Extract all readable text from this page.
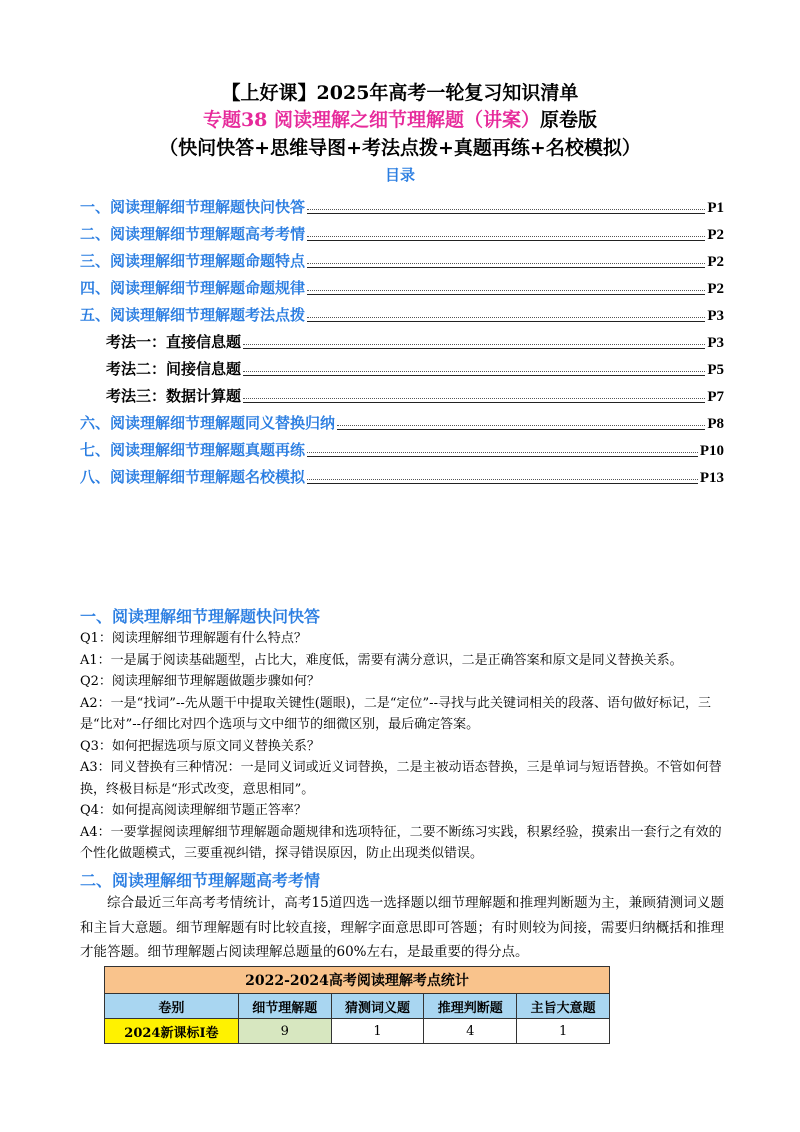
【上好课】2025年高考一轮复习知识清单
专题38 阅读理解之细节理解题（讲案）原卷版
（快问快答+思维导图+考法点拨+真题再练+名校模拟）
目录
一、阅读理解细节理解题快问快答	P1
二、阅读理解细节理解题高考考情	P2
三、阅读理解细节理解题命题特点	P2
四、阅读理解细节理解题命题规律	P2
五、阅读理解细节理解题考法点拨	P3
考法一：直接信息题	P3
考法二：间接信息题	P5
考法三：数据计算题	P7
六、阅读理解细节理解题同义替换归纳	P8
七、阅读理解细节理解题真题再练	P10
八、阅读理解细节理解题名校模拟	P13
一、阅读理解细节理解题快问快答

Q1：阅读理解细节理解题有什么特点？

A1：一是属于阅读基础题型，占比大，难度低，需要有满分意识，二是正确答案和原文是同义替换关系。

Q2：阅读理解细节理解题做题步骤如何？

A2：一是“找词”--先从题干中提取关键性(题眼)，二是“定位”--寻找与此关键词相关的段落、语句做好标记，三是“比对”--仔细比对四个选项与文中细节的细微区别，最后确定答案。

Q3：如何把握选项与原文同义替换关系？

A3：同义替换有三种情况：一是同义词或近义词替换，二是主被动语态替换，三是单词与短语替换。不管如何替换，终极目标是“形式改变，意思相同”。

Q4：如何提高阅读理解细节题正答率？

A4：一要掌握阅读理解细节理解题命题规律和选项特征，二要不断练习实践，积累经验，摸索出一套行之有效的个性化做题模式，三要重视纠错，探寻错误原因，防止出现类似错误。

二、阅读理解细节理解题高考考情

综合最近三年高考考情统计，高考15道四选一选择题以细节理解题和推理判断题为主，兼顾猜测词义题和主旨大意题。细节理解题有时比较直接，理解字面意思即可答题；有时则较为间接，需要归纳概括和推理才能答题。细节理解题占阅读理解总题量的60%左右，是最重要的得分点。

2022-2024高考阅读理解考点统计				
卷别	细节理解题	猜测词义题	推理判断题	主旨大意题
2024新课标I卷	9	1	4	1
